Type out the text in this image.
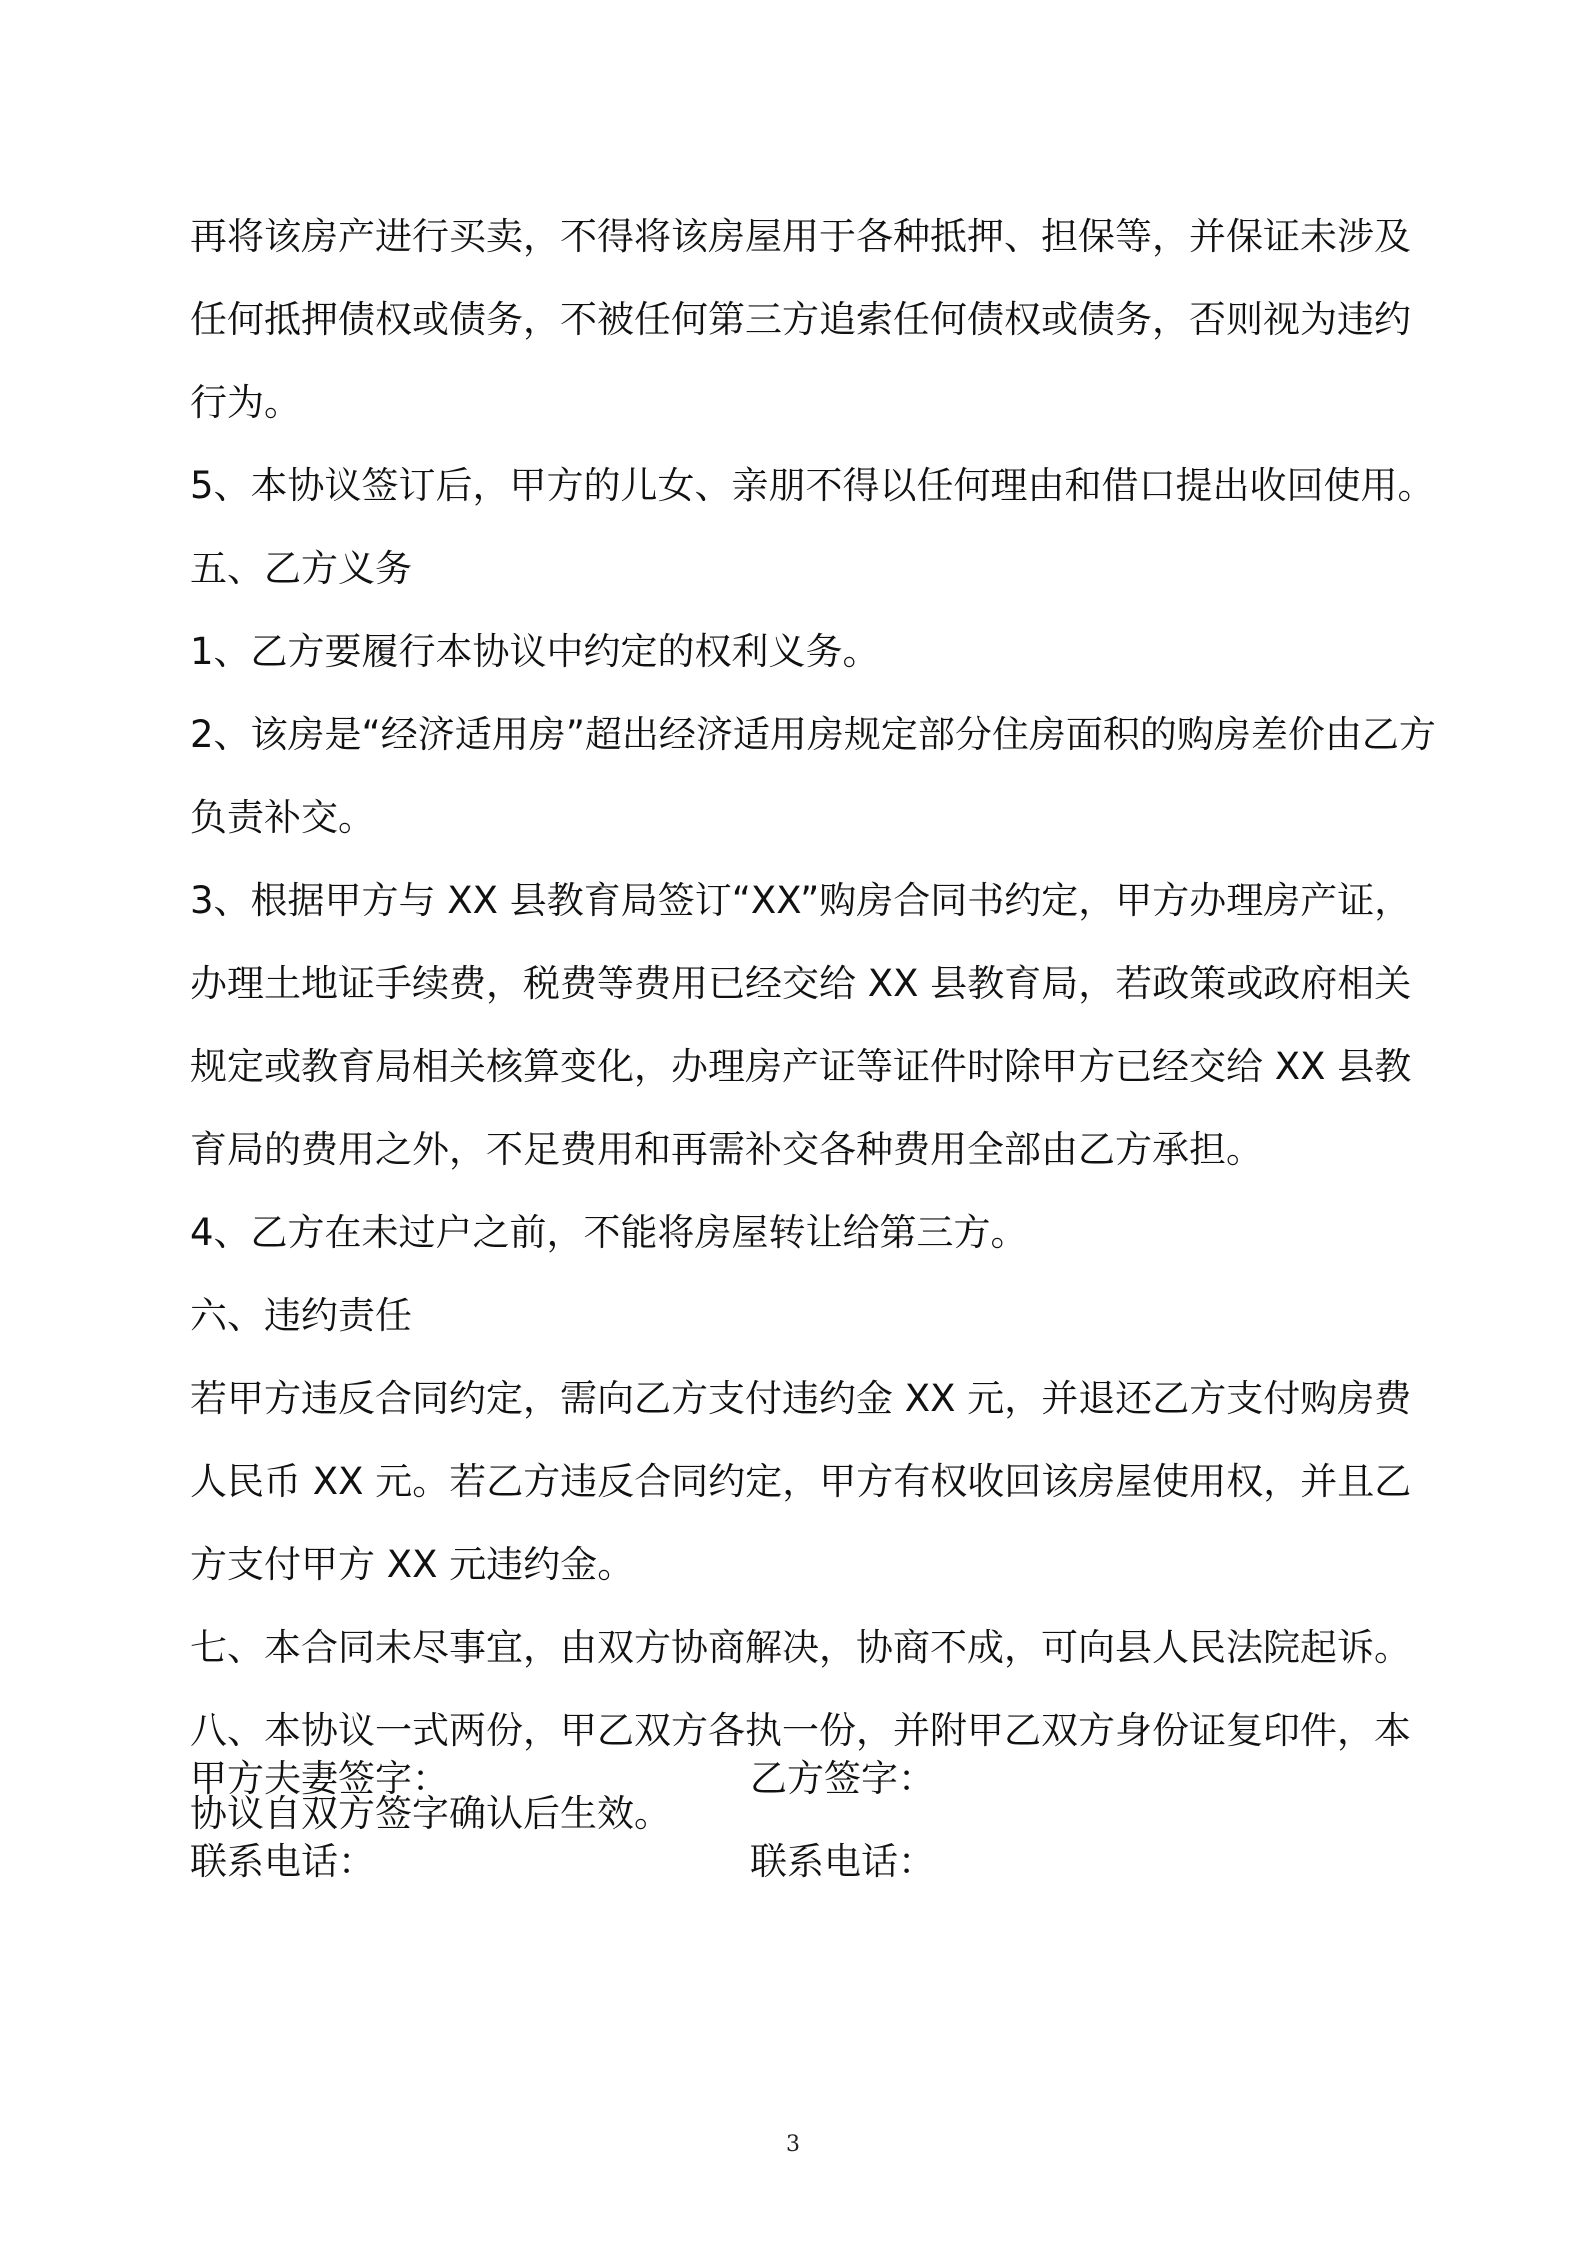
再将该房产进行买卖，不得将该房屋用于各种抵押、担保等，并保证未涉及任何抵押债权或债务，不被任何第三方追索任何债权或债务，否则视为违约行为。

5、本协议签订后，甲方的儿女、亲朋不得以任何理由和借口提出收回使用。

五、乙方义务

1、乙方要履行本协议中约定的权利义务。

2、该房是“经济适用房”超出经济适用房规定部分住房面积的购房差价由乙方负责补交。

3、根据甲方与 XX 县教育局签订“XX”购房合同书约定，甲方办理房产证，办理土地证手续费，税费等费用已经交给 XX 县教育局，若政策或政府相关规定或教育局相关核算变化，办理房产证等证件时除甲方已经交给 XX 县教育局的费用之外，不足费用和再需补交各种费用全部由乙方承担。

4、乙方在未过户之前，不能将房屋转让给第三方。

六、违约责任

若甲方违反合同约定，需向乙方支付违约金 XX 元，并退还乙方支付购房费人民币 XX 元。若乙方违反合同约定，甲方有权收回该房屋使用权，并且乙方支付甲方 XX 元违约金。

七、本合同未尽事宜，由双方协商解决，协商不成，可向县人民法院起诉。

八、本协议一式两份，甲乙双方各执一份，并附甲乙双方身份证复印件，本协议自双方签字确认后生效。

甲方夫妻签字：	乙方签字：
联系电话：	联系电话：
3
